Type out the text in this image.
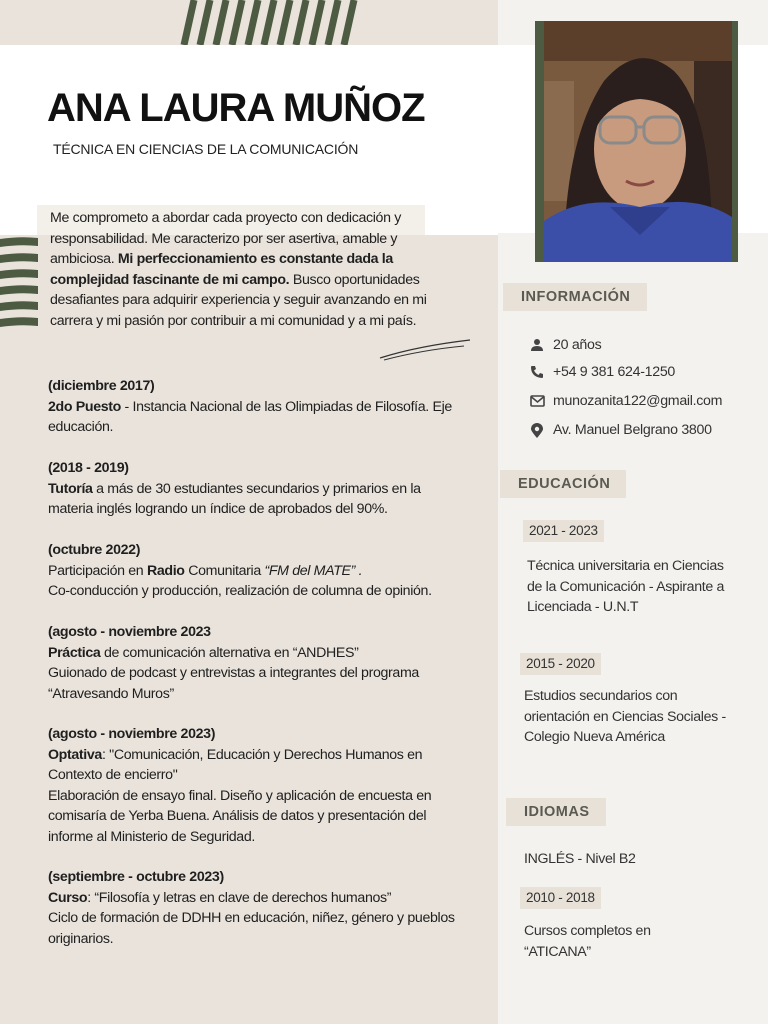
ANA LAURA MUÑOZ
TÉCNICA EN CIENCIAS DE LA COMUNICACIÓN
Me comprometo a abordar cada proyecto con dedicación y responsabilidad. Me caracterizo por ser asertiva, amable y ambiciosa. Mi perfeccionamiento es constante dada la complejidad fascinante de mi campo. Busco oportunidades desafiantes para adquirir experiencia y seguir avanzando en mi carrera y mi pasión por contribuir a mi comunidad y a mi país.
(diciembre 2017)
2do Puesto - Instancia Nacional de las Olimpiadas de Filosofía. Eje educación.
(2018 - 2019)
Tutoría a más de 30 estudiantes secundarios y primarios en la materia inglés logrando un índice de aprobados del 90%.
(octubre 2022)
Participación en Radio Comunitaria “FM del MATE” .
Co-conducción y producción, realización de columna de opinión.
(agosto - noviembre 2023
Práctica de comunicación alternativa en “ANDHES”
Guionado de podcast y entrevistas a integrantes del programa “Atravesando Muros”
(agosto - noviembre 2023)
Optativa: "Comunicación, Educación y Derechos Humanos en Contexto de encierro"
Elaboración de ensayo final. Diseño y aplicación de encuesta en comisaría de Yerba Buena. Análisis de datos y presentación del informe al Ministerio de Seguridad.
(septiembre - octubre 2023)
Curso: “Filosofía y letras en clave de derechos humanos”
Ciclo de formación de DDHH en educación, niñez, género y pueblos originarios.
INFORMACIÓN
20 años
+54 9 381 624-1250
munozanita122@gmail.com
Av. Manuel Belgrano 3800
EDUCACIÓN
2021 - 2023
Técnica universitaria en Ciencias de la Comunicación - Aspirante a Licenciada - U.N.T
2015 - 2020
Estudios secundarios con orientación en Ciencias Sociales - Colegio Nueva América
IDIOMAS
INGLÉS - Nivel B2
2010 - 2018
Cursos completos en “ATICANA”
